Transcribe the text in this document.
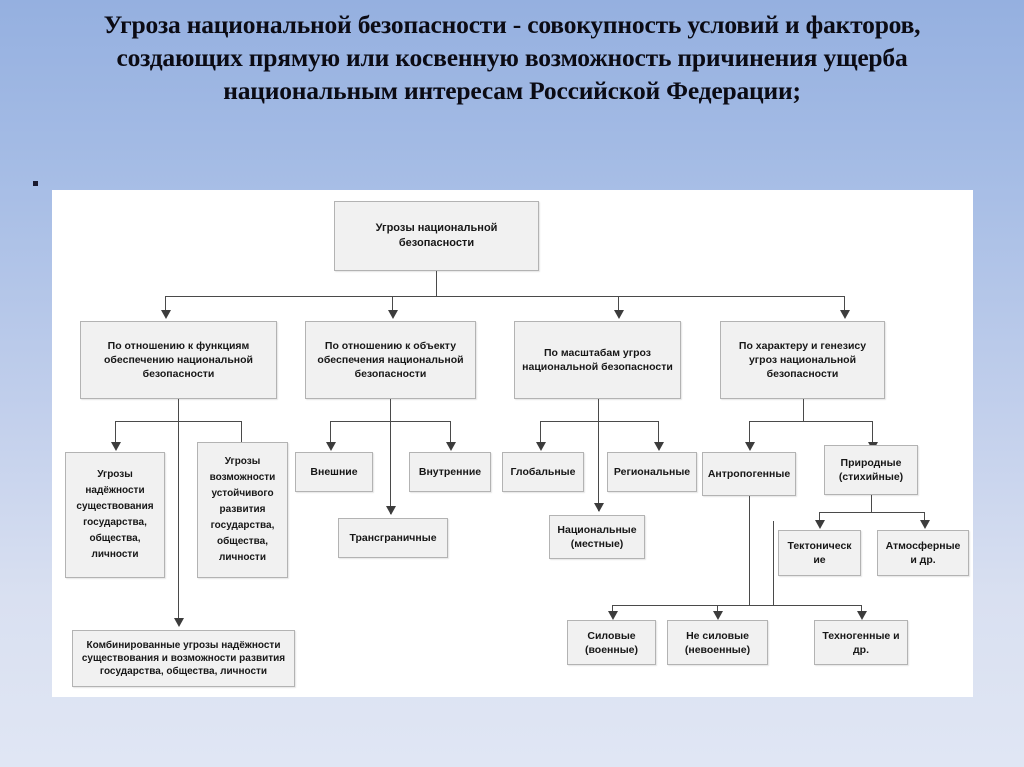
Угроза национальной безопасности - совокупность условий и факторов, создающих прямую или косвенную возможность причинения ущерба национальным интересам Российской Федерации;
Угрозы национальной безопасности
По отношению к функциям обеспечению национальной безопасности
По отношению к объекту обеспечения национальной безопасности
По масштабам угроз национальной безопасности
По характеру и генезису угроз национальной безопасности
Угрозы надёжности существования государства, общества, личности
Угрозы возможности устойчивого развития государства, общества, личности
Комбинированные угрозы надёжности существования и возможности развития государства, общества, личности
Внешние	Внутренние
Трансграничные
Глобальные	Региональные
Национальные (местные)
Антропогенные
Природные (стихийные)
Тектоническ ие
Атмосферные и др.
Силовые (военные)
Не силовые (невоенные)
Техногенные и др.
